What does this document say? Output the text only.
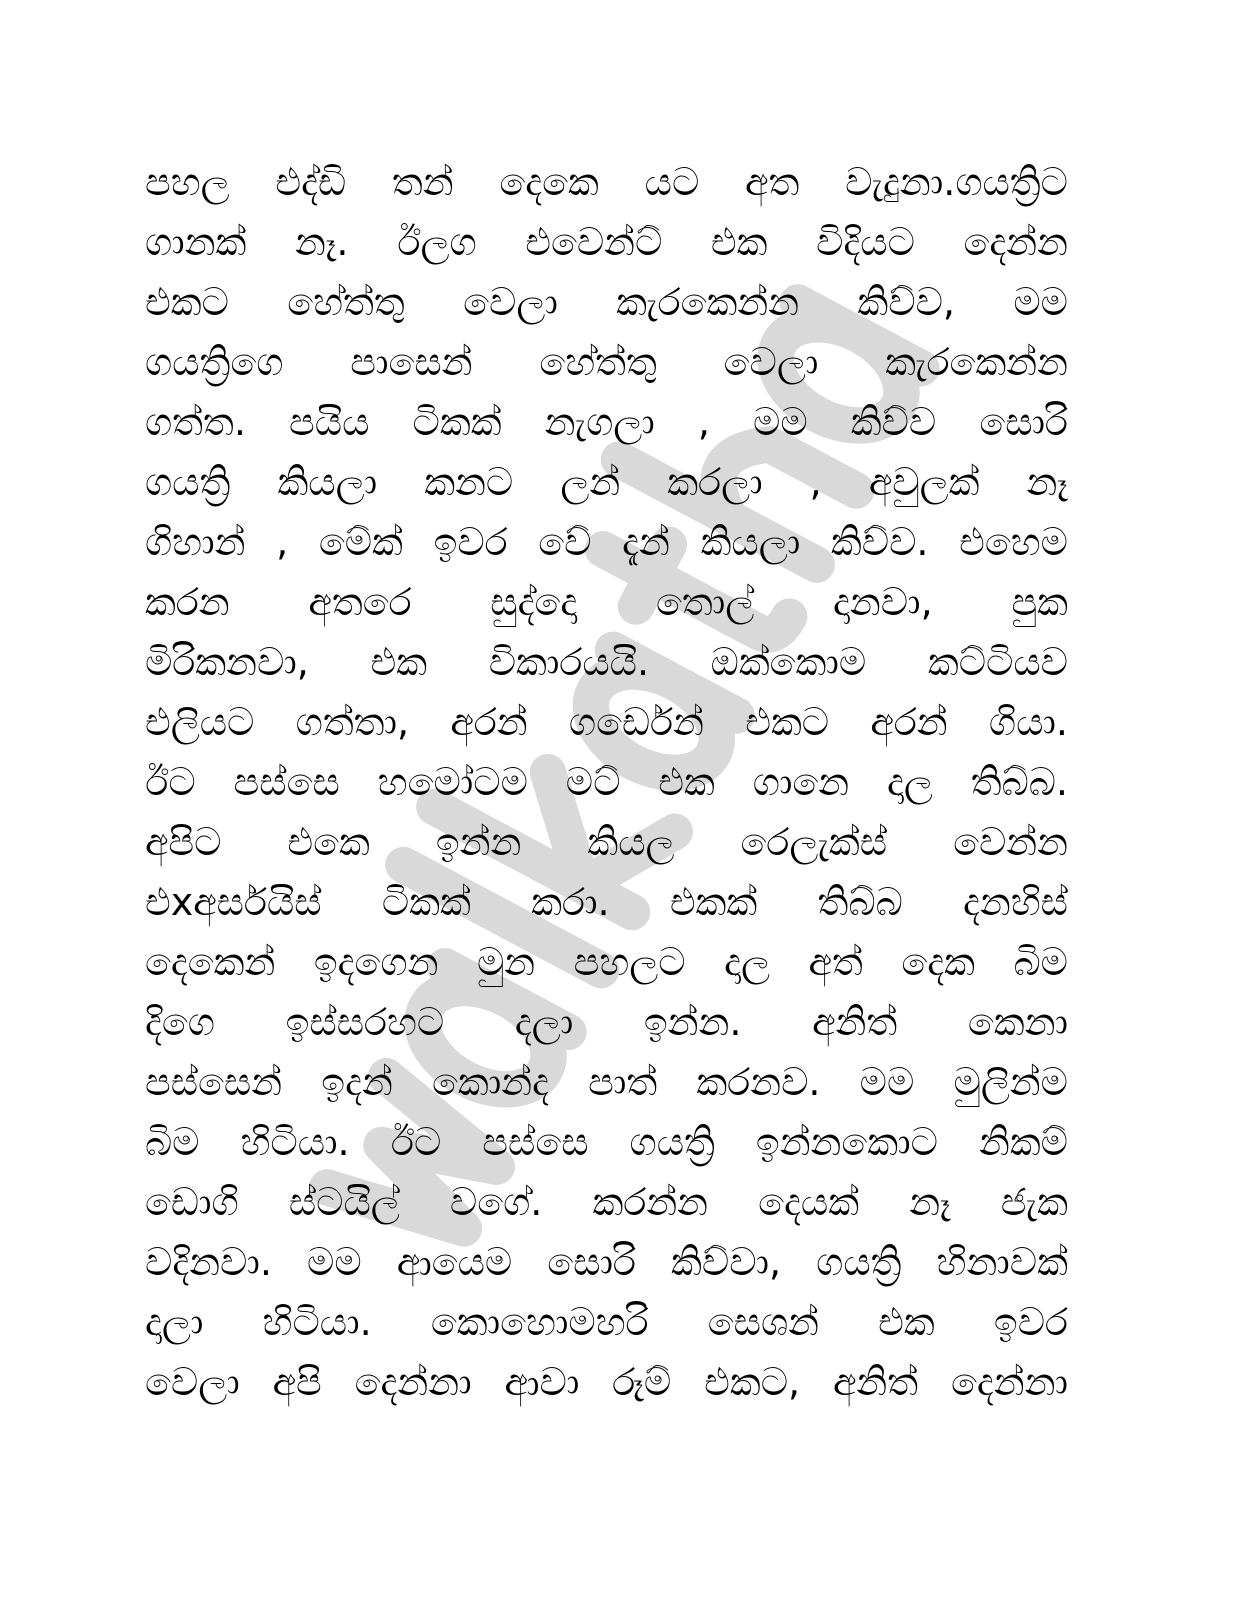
පහල එද්ඩි තන් දෙකෙ යට අත වැදුනා.ගයත්‍රිට
ගානක් නෑ. ඊලග එවෙන්ට් එක විදියට දෙන්න
එකට හේත්තු වෙලා කැරකෙන්න කිව්ව, මම
ගයත්‍රිගෙ පාසෙන් හේත්තු වෙලා කැරකෙන්න
ගත්ත. පයිය ටිකක් නැගලා , මම කිව්ව සොරි
ගයත්‍රි කියලා කනට ලන් කරලා , අවුලක් නෑ
ගිහාන් , මේක් ඉවර වේ දැන් කියලා කිව්ව. එහෙම
කරන අතරෙ සුද්දො තොල් දානවා, පුක
මිරිකනවා, එක විකාරයයි. ඔක්කොම කට්ටියව
එලියට ගත්තා, අරන් ගර්ඩෙන් එකට අරන් ගියා.
ඊට පස්සෙ හමෝටම මට් එක ගානෙ දාල තිබ්බ.
අපිට එකෙ ඉන්න කියල රෙලැක්ස් වෙන්න
එxඅර්සයිස් ටිකක් කරා. එකක් තිබ්බ දනහිස්
දෙකෙන් ඉදගෙන මුන පහලට දාල අත් දෙක බිම
දිගෙ ඉස්සරහට දලා ඉන්න. අනිත් කෙනා
පස්සෙන් ඉදන් කොන්ද පාත් කරනව. මම මුලින්ම
බිම හිටියා. ඊට පස්සෙ ගයත්‍රි ඉන්නකොට නිකම්
ඩොගි ස්ටයිල් වගේ. කරන්න දෙයක් නෑ ජැක
වදිනවා. මම ආයෙම සොරි කිව්වා, ගයත්‍රි හිනාවක්
දාලා හිටියා. කොහොමහරි සෙශන් එක ඉවර
වෙලා අපි දෙන්නා ආවා රූම් එකට, අනිත් දෙන්නා
